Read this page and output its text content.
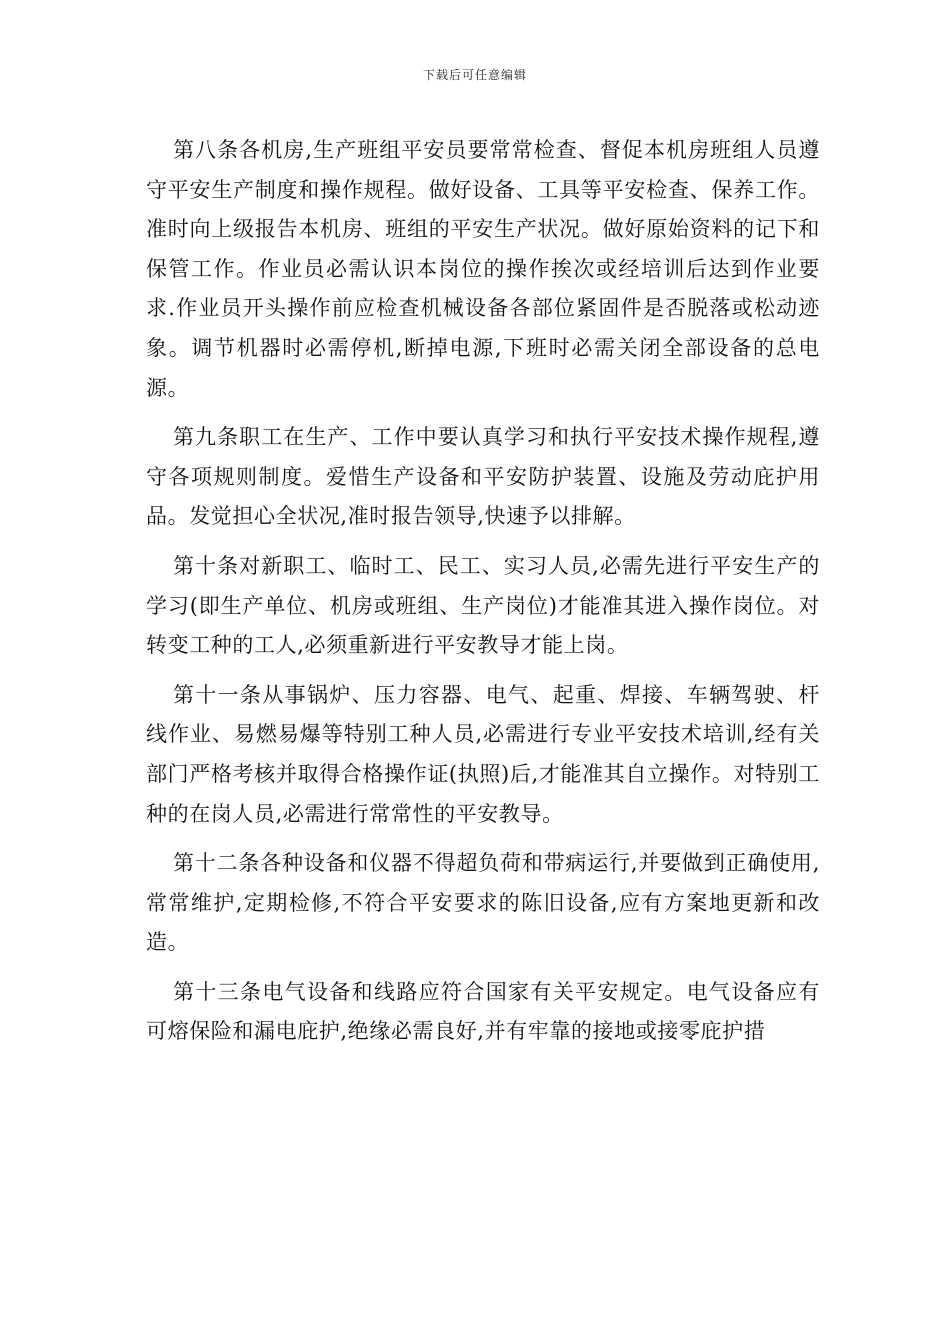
下载后可任意编辑

第八条各机房,生产班组平安员要常常检查、督促本机房班组人员遵守平安生产制度和操作规程。做好设备、工具等平安检查、保养工作。准时向上级报告本机房、班组的平安生产状况。做好原始资料的记下和保管工作。作业员必需认识本岗位的操作挨次或经培训后达到作业要求.作业员开头操作前应检查机械设备各部位紧固件是否脱落或松动迹象。调节机器时必需停机,断掉电源,下班时必需关闭全部设备的总电源。

第九条职工在生产、工作中要认真学习和执行平安技术操作规程,遵守各项规则制度。爱惜生产设备和平安防护装置、设施及劳动庇护用品。发觉担心全状况,准时报告领导,快速予以排解。

第十条对新职工、临时工、民工、实习人员,必需先进行平安生产的学习(即生产单位、机房或班组、生产岗位)才能准其进入操作岗位。对转变工种的工人,必须重新进行平安教导才能上岗。

第十一条从事锅炉、压力容器、电气、起重、焊接、车辆驾驶、杆线作业、易燃易爆等特别工种人员,必需进行专业平安技术培训,经有关部门严格考核并取得合格操作证(执照)后,才能准其自立操作。对特别工种的在岗人员,必需进行常常性的平安教导。

第十二条各种设备和仪器不得超负荷和带病运行,并要做到正确使用,常常维护,定期检修,不符合平安要求的陈旧设备,应有方案地更新和改造。

第十三条电气设备和线路应符合国家有关平安规定。电气设备应有可熔保险和漏电庇护,绝缘必需良好,并有牢靠的接地或接零庇护措
